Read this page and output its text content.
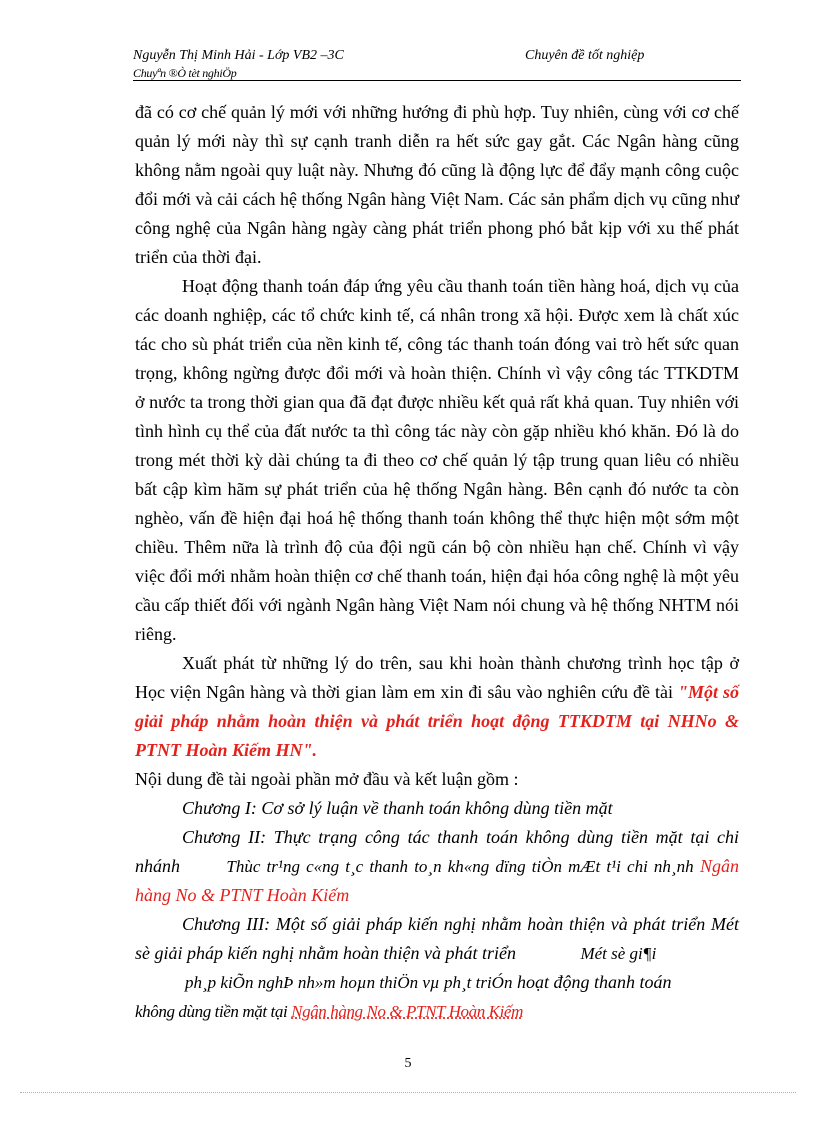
Nguyễn Thị Minh Hải - Lớp VB2 –3C	Chuyên đề tốt nghiệp
Chuyªn ®Ò tèt nghiÖp

đã có cơ chế quản lý mới với những hướng đi phù hợp. Tuy nhiên, cùng với cơ chế quản lý mới này thì sự cạnh tranh diễn ra hết sức gay gắt. Các Ngân hàng cũng không nằm ngoài quy luật này. Nhưng đó cũng là động lực để đẩy mạnh công cuộc đổi mới và cải cách hệ thống Ngân hàng Việt Nam. Các sản phẩm dịch vụ cũng như công nghệ của Ngân hàng ngày càng phát triển phong phó bắt kịp với xu thế phát triển của thời đại.

Hoạt động thanh toán đáp ứng yêu cầu thanh toán tiền hàng hoá, dịch vụ của các doanh nghiệp, các tổ chức kinh tế, cá nhân trong xã hội. Được xem là chất xúc tác cho sù phát triển của nền kinh tế, công tác thanh toán đóng vai trò hết sức quan trọng, không ngừng được đổi mới và hoàn thiện. Chính vì vậy công tác TTKDTM ở nước ta trong thời gian qua đã đạt được nhiều kết quả rất khả quan. Tuy nhiên với tình hình cụ thể của đất nước ta thì công tác này còn gặp nhiều khó khăn. Đó là do trong mét thời kỳ dài chúng ta đi theo cơ chế quản lý tập trung quan liêu có nhiều bất cập kìm hãm sự phát triển của hệ thống Ngân hàng. Bên cạnh đó nước ta còn nghèo, vấn đề hiện đại hoá hệ thống thanh toán không thể thực hiện một sớm một chiều. Thêm nữa là trình độ của đội ngũ cán bộ còn nhiều hạn chế. Chính vì vậy việc đổi mới nhằm hoàn thiện cơ chế thanh toán, hiện đại hóa công nghệ là một yêu cầu cấp thiết đối với ngành Ngân hàng Việt Nam nói chung và hệ thống NHTM nói riêng.

Xuất phát từ những lý do trên, sau khi hoàn thành chương trình học tập ở Học viện Ngân hàng và thời gian làm em xin đi sâu vào nghiên cứu đề tài "Một số giải pháp nhằm hoàn thiện và phát triển hoạt động TTKDTM tại NHNo & PTNT Hoàn Kiếm HN".

Nội dung đề tài ngoài phần mở đầu và kết luận gồm :

Chương I: Cơ sở lý luận về thanh toán không dùng tiền mặt

Chương II: Thực trạng công tác thanh toán không dùng tiền mặt tại chi nhánh	Thùc tr¹ng c«ng t¸c thanh to¸n kh«ng dïng tiÒn mÆt t¹i chi nh¸nh Ngân hàng No & PTNT Hoàn Kiếm

Chương III: Một số giải pháp kiến nghị nhằm hoàn thiện và phát triển Mét sè giải pháp kiến nghị nhằm hoàn thiện và phát triển	Mét sè gi¶i

ph¸p kiÕn nghÞ nh»m hoµn thiÖn vµ ph¸t triÓn hoạt động thanh toán

không dùng tiền mặt tại Ngân hàng No & PTNT Hoàn Kiếm

5
